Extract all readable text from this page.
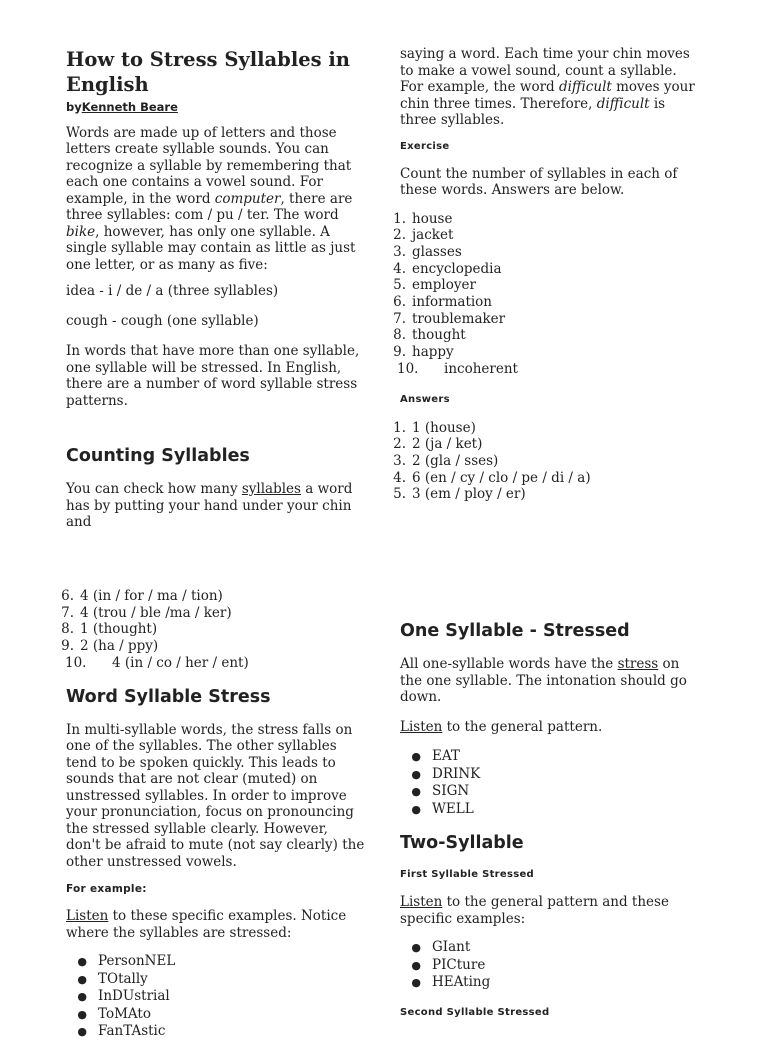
How to Stress Syllables in English
byKenneth Beare

Words are made up of letters and those letters create syllable sounds. You can recognize a syllable by remembering that each one contains a vowel sound. For example, in the word computer, there are three syllables: com / pu / ter. The word bike, however, has only one syllable. A single syllable may contain as little as just one letter, or as many as five:

idea - i / de / a (three syllables)

cough - cough (one syllable)

In words that have more than one syllable, one syllable will be stressed. In English, there are a number of word syllable stress patterns.

Counting Syllables

You can check how many syllables a word has by putting your hand under your chin and

saying a word. Each time your chin moves to make a vowel sound, count a syllable. For example, the word difficult moves your chin three times. Therefore, difficult is three syllables.

Exercise

Count the number of syllables in each of these words. Answers are below.

1. house
2. jacket
3. glasses
4. encyclopedia
5. employer
6. information
7. troublemaker
8. thought
9. happy
10.	incoherent
Answers
1. 1 (house)
2. 2 (ja / ket)
3. 2 (gla / sses)
4. 6 (en / cy / clo / pe / di / a)
5. 3 (em / ploy / er)
6. 4 (in / for / ma / tion)
7. 4 (trou / ble /ma / ker)
8. 1 (thought)
9. 2 (ha / ppy)
10.	4 (in / co / her / ent)
Word Syllable Stress

In multi-syllable words, the stress falls on one of the syllables. The other syllables tend to be spoken quickly. This leads to sounds that are not clear (muted) on unstressed syllables. In order to improve your pronunciation, focus on pronouncing the stressed syllable clearly. However, don't be afraid to mute (not say clearly) the other unstressed vowels.

For example:

Listen to these specific examples. Notice where the syllables are stressed:

● PersonNEL
● TOtally
● InDUstrial
● ToMAto
● FanTAstic
One Syllable - Stressed

All one-syllable words have the stress on the one syllable. The intonation should go down.

Listen to the general pattern.

● EAT
● DRINK
● SIGN
● WELL
Two-Syllable
First Syllable Stressed

Listen to the general pattern and these specific examples:

● GIant
● PICture
● HEAting
Second Syllable Stressed
